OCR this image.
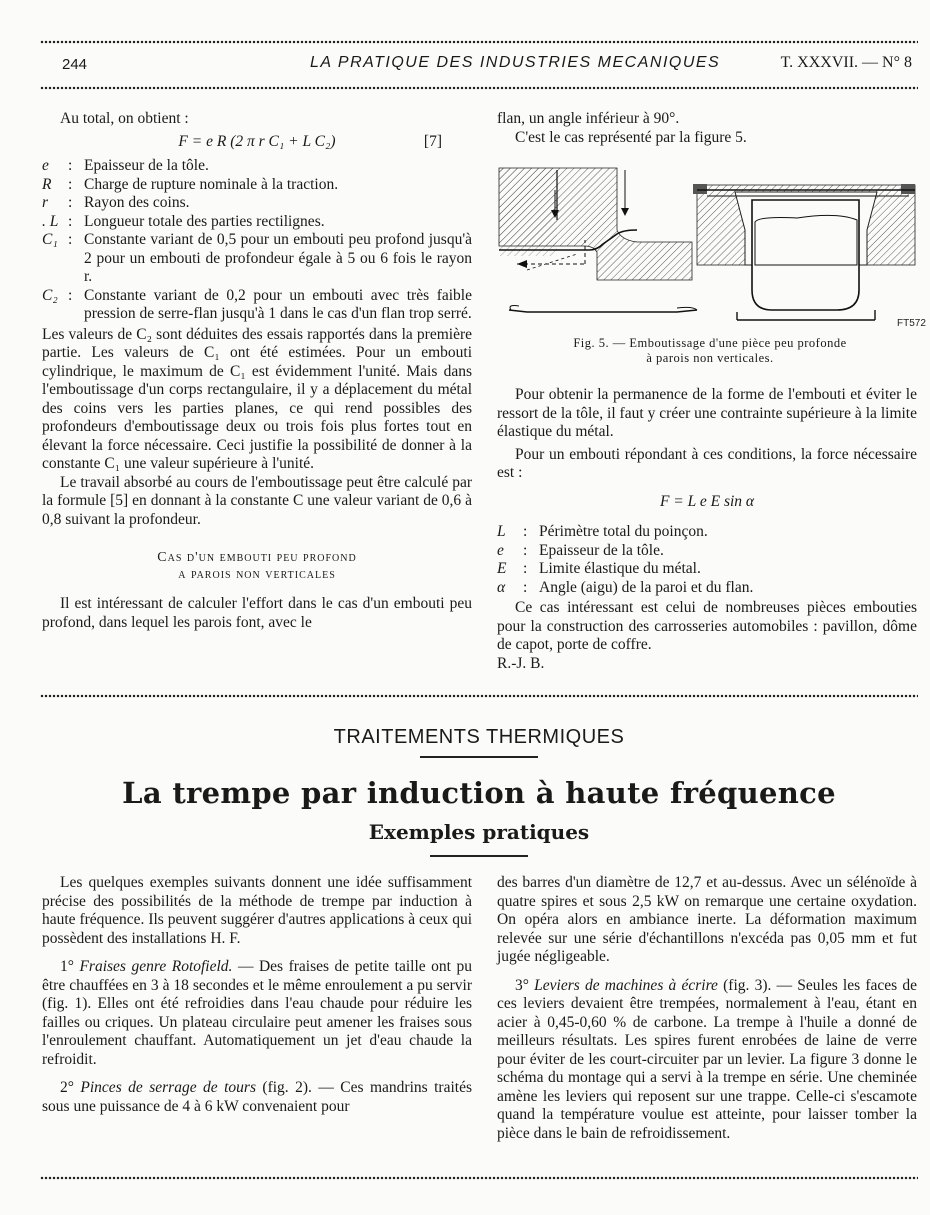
244	LA PRATIQUE DES INDUSTRIES MECANIQUES	T. XXXVII. — N° 8

Au total, on obtient :

F = e R (2 π r C₁ + L C₂)	[7]
e	: Epaisseur de la tôle.
R	: Charge de rupture nominale à la traction.
r	: Rayon des coins.
. L : Longueur totale des parties rectilignes.
C₁ : Constante variant de 0,5 pour un embouti peu profond jusqu'à 2 pour un embouti de profondeur égale à 5 ou 6 fois le rayon r.
C₂ : Constante variant de 0,2 pour un embouti avec très faible pression de serre-flan jusqu'à 1 dans le cas d'un flan trop serré.

Les valeurs de C₂ sont déduites des essais rapportés dans la première partie. Les valeurs de C₁ ont été estimées. Pour un embouti cylindrique, le maximum de C₁ est évidemment l'unité. Mais dans l'emboutissage d'un corps rectangulaire, il y a déplacement du métal des coins vers les parties planes, ce qui rend possibles des profondeurs d'emboutissage deux ou trois fois plus fortes tout en élevant la force nécessaire. Ceci justifie la possibilité de donner à la constante C₁ une valeur supérieure à l'unité.

Le travail absorbé au cours de l'emboutissage peut être calculé par la formule [5] en donnant à la constante C une valeur variant de 0,6 à 0,8 suivant la profondeur.

Cas d'un embouti peu profond
a parois non verticales

Il est intéressant de calculer l'effort dans le cas d'un embouti peu profond, dans lequel les parois font, avec le

flan, un angle inférieur à 90°.

C'est le cas représenté par la figure 5.

FT572
Fig. 5. — Emboutissage d'une pièce peu profonde
à parois non verticales.

Pour obtenir la permanence de la forme de l'embouti et éviter le ressort de la tôle, il faut y créer une contrainte supérieure à la limite élastique du métal.

Pour un embouti répondant à ces conditions, la force nécessaire est :

F = L e E sin α
L	: Périmètre total du poinçon.
e	: Epaisseur de la tôle.
E	: Limite élastique du métal.
α	: Angle (aigu) de la paroi et du flan.

Ce cas intéressant est celui de nombreuses pièces embouties pour la construction des carrosseries automobiles : pavillon, dôme de capot, porte de coffre.

R.-J. B.

TRAITEMENTS THERMIQUES
La trempe par induction à haute fréquence
Exemples pratiques

Les quelques exemples suivants donnent une idée suffisamment précise des possibilités de la méthode de trempe par induction à haute fréquence. Ils peuvent suggérer d'autres applications à ceux qui possèdent des installations H. F.

1° Fraises genre Rotofield. — Des fraises de petite taille ont pu être chauffées en 3 à 18 secondes et le même enroulement a pu servir (fig. 1). Elles ont été refroidies dans l'eau chaude pour réduire les failles ou criques. Un plateau circulaire peut amener les fraises sous l'enroulement chauffant. Automatiquement un jet d'eau chaude la refroidit.

2° Pinces de serrage de tours (fig. 2). — Ces mandrins traités sous une puissance de 4 à 6 kW convenaient pour

des barres d'un diamètre de 12,7 et au-dessus. Avec un sélénoïde à quatre spires et sous 2,5 kW on remarque une certaine oxydation. On opéra alors en ambiance inerte. La déformation maximum relevée sur une série d'échantillons n'excéda pas 0,05 mm et fut jugée négligeable.

3° Leviers de machines à écrire (fig. 3). — Seules les faces de ces leviers devaient être trempées, normalement à l'eau, étant en acier à 0,45-0,60 % de carbone. La trempe à l'huile a donné de meilleurs résultats. Les spires furent enrobées de laine de verre pour éviter de les court-circuiter par un levier. La figure 3 donne le schéma du montage qui a servi à la trempe en série. Une cheminée amène les leviers qui reposent sur une trappe. Celle-ci s'escamote quand la température voulue est atteinte, pour laisser tomber la pièce dans le bain de refroidissement.
